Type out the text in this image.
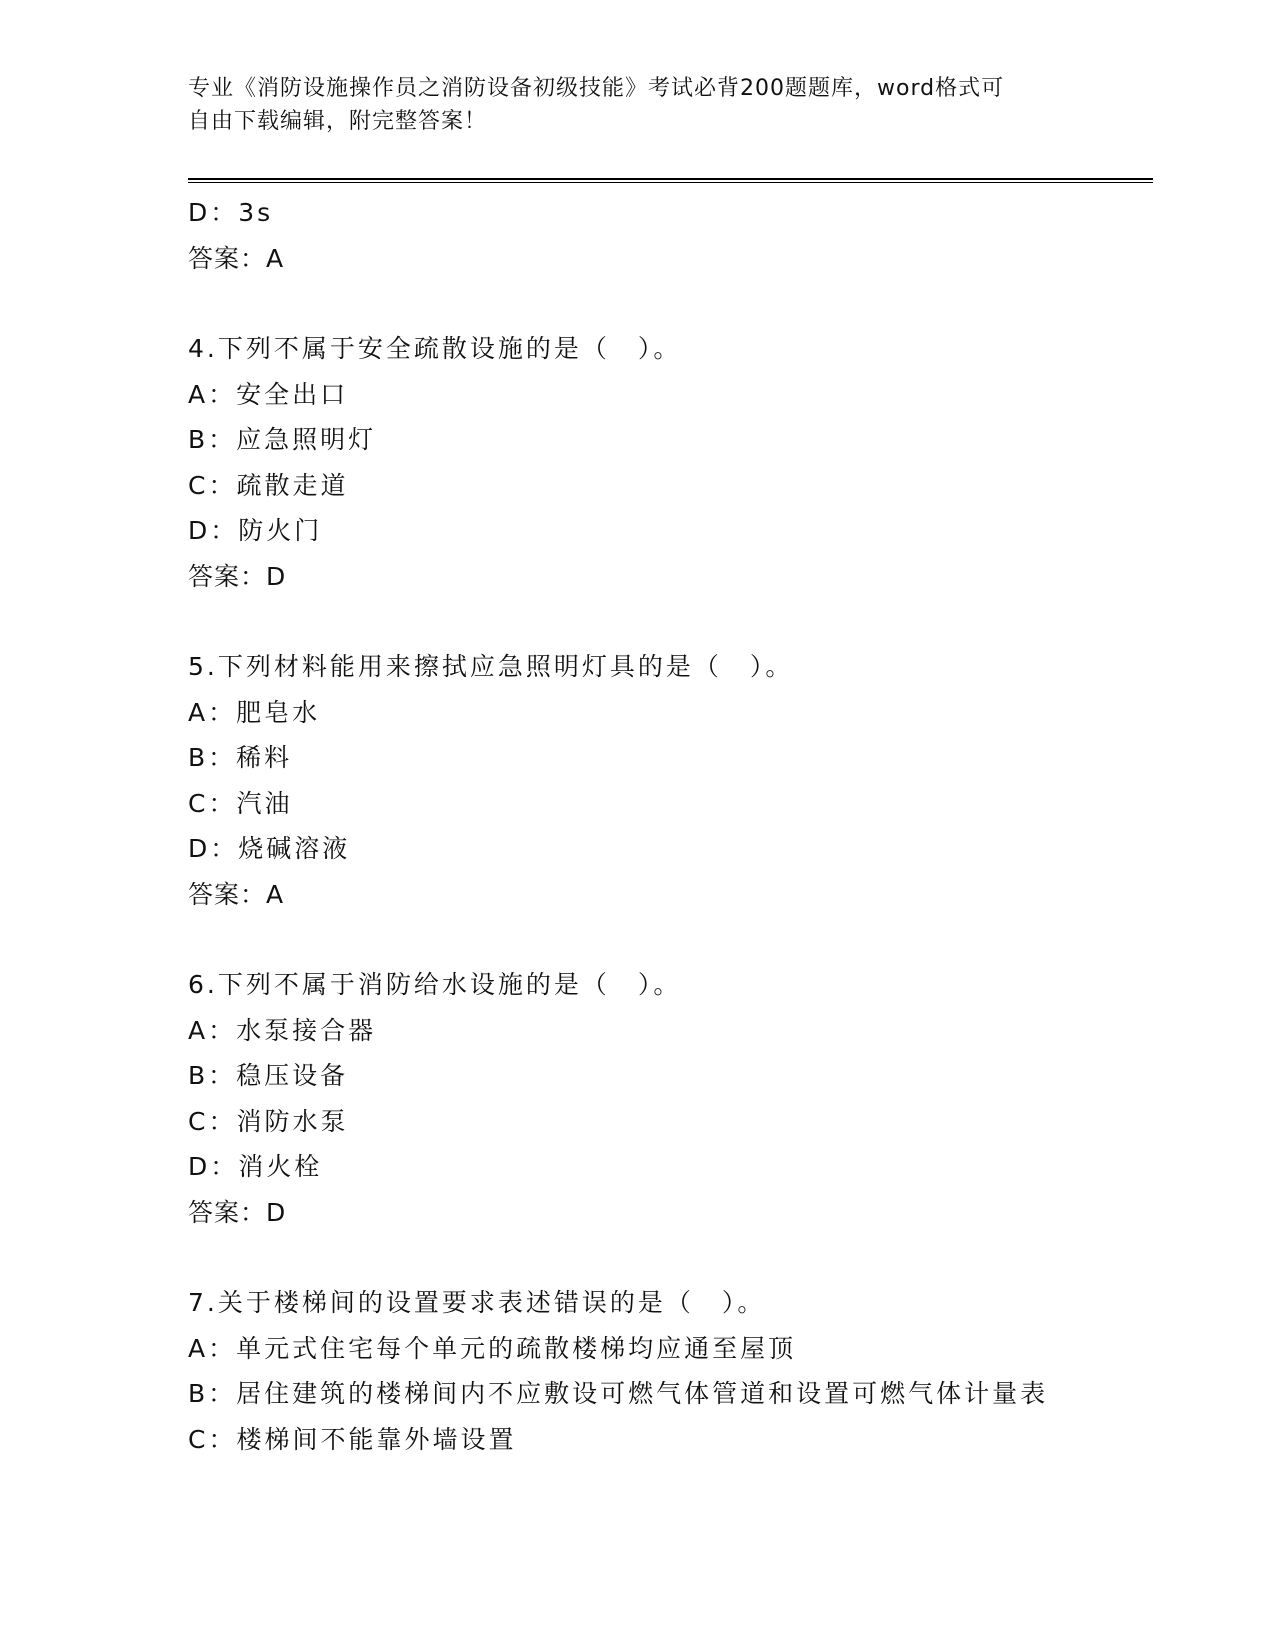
专业《消防设施操作员之消防设备初级技能》考试必背200题题库，word格式可
自由下载编辑，附完整答案！
D：3s
答案：A
4.下列不属于安全疏散设施的是（　）。
A：安全出口
B：应急照明灯
C：疏散走道
D：防火门
答案：D
5.下列材料能用来擦拭应急照明灯具的是（　）。
A：肥皂水
B：稀料
C：汽油
D：烧碱溶液
答案：A
6.下列不属于消防给水设施的是（　）。
A：水泵接合器
B：稳压设备
C：消防水泵
D：消火栓
答案：D
7.关于楼梯间的设置要求表述错误的是（　）。
A：单元式住宅每个单元的疏散楼梯均应通至屋顶
B：居住建筑的楼梯间内不应敷设可燃气体管道和设置可燃气体计量表
C：楼梯间不能靠外墙设置
